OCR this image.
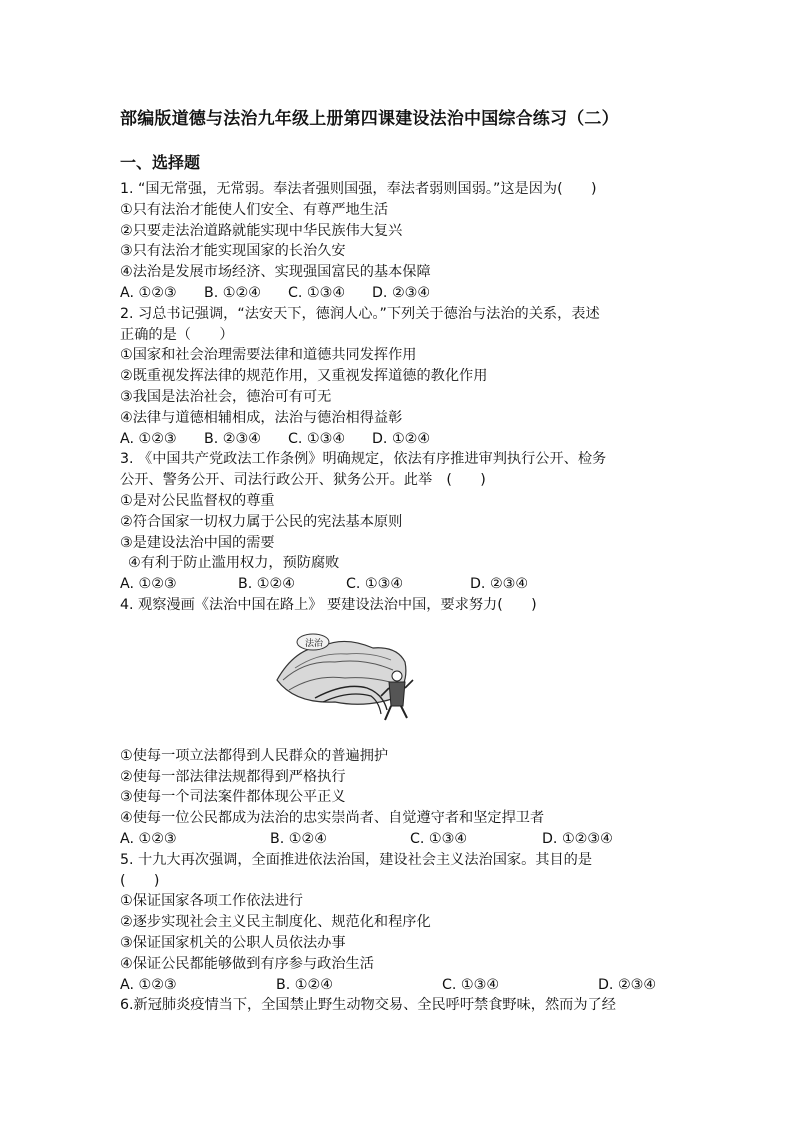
部编版道德与法治九年级上册第四课建设法治中国综合练习（二）
一、选择题
1. “国无常强，无常弱。奉法者强则国强，奉法者弱则国弱。”这是因为(　　)
①只有法治才能使人们安全、有尊严地生活
②只要走法治道路就能实现中华民族伟大复兴
③只有法治才能实现国家的长治久安
④法治是发展市场经济、实现强国富民的基本保障
A. ①②③	B. ①②④	C. ①③④	D. ②③④
2. 习总书记强调，“法安天下，德润人心。”下列关于德治与法治的关系，表述
正确的是（　　）
①国家和社会治理需要法律和道德共同发挥作用
②既重视发挥法律的规范作用，又重视发挥道德的教化作用
③我国是法治社会，德治可有可无
④法律与道德相辅相成，法治与德治相得益彰
A. ①②③	B. ②③④	C. ①③④	D. ①②④
3. 《中国共产党政法工作条例》明确规定，依法有序推进审判执行公开、检务
公开、警务公开、司法行政公开、狱务公开。此举　(　　)
①是对公民监督权的尊重
②符合国家一切权力属于公民的宪法基本原则
③是建设法治中国的需要
④有利于防止滥用权力，预防腐败
A. ①②③	B. ①②④	C. ①③④	D. ②③④
4. 观察漫画《法治中国在路上》 要建设法治中国，要求努力(　　)
法治
①使每一项立法都得到人民群众的普遍拥护
②使每一部法律法规都得到严格执行
③使每一个司法案件都体现公平正义
④使每一位公民都成为法治的忠实崇尚者、自觉遵守者和坚定捍卫者
A. ①②③	B. ①②④	C. ①③④	D. ①②③④
5. 十九大再次强调，全面推进依法治国，建设社会主义法治国家。其目的是
(　　)
①保证国家各项工作依法进行
②逐步实现社会主义民主制度化、规范化和程序化
③保证国家机关的公职人员依法办事
④保证公民都能够做到有序参与政治生活
A. ①②③	B. ①②④	C. ①③④	D. ②③④
6.新冠肺炎疫情当下，全国禁止野生动物交易、全民呼吁禁食野味，然而为了经
